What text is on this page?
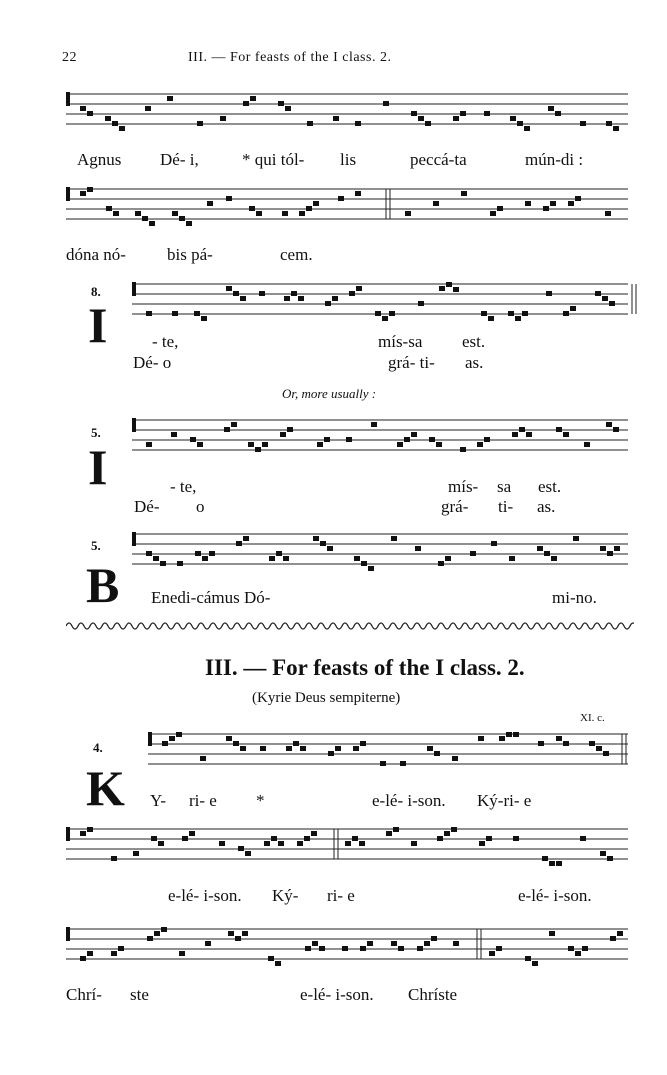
22	III. — For feasts of the I class. 2.
Agnus Dé- i,	* qui tól- lis	peccá-ta	mún-di :
dóna nó- bis pá-	cem.
8.
I	- te,	mís-sa est.
Dé- o	grá- ti- as.
Or, more usually :
5.
I	- te,	mís- sa est.
Dé- o	grá- ti- as.
5.
B Enedi-cámus Dó-	mi-no.
III. — For feasts of the I class. 2.
(Kyrie Deus sempiterne)
XI. c.
4.
K Y- ri- e *	e-lé- i-son. Ký-ri- e
e-lé- i-son. Ký- ri- e	e-lé- i-son.
Chrí- ste	e-lé- i-son. Chríste
